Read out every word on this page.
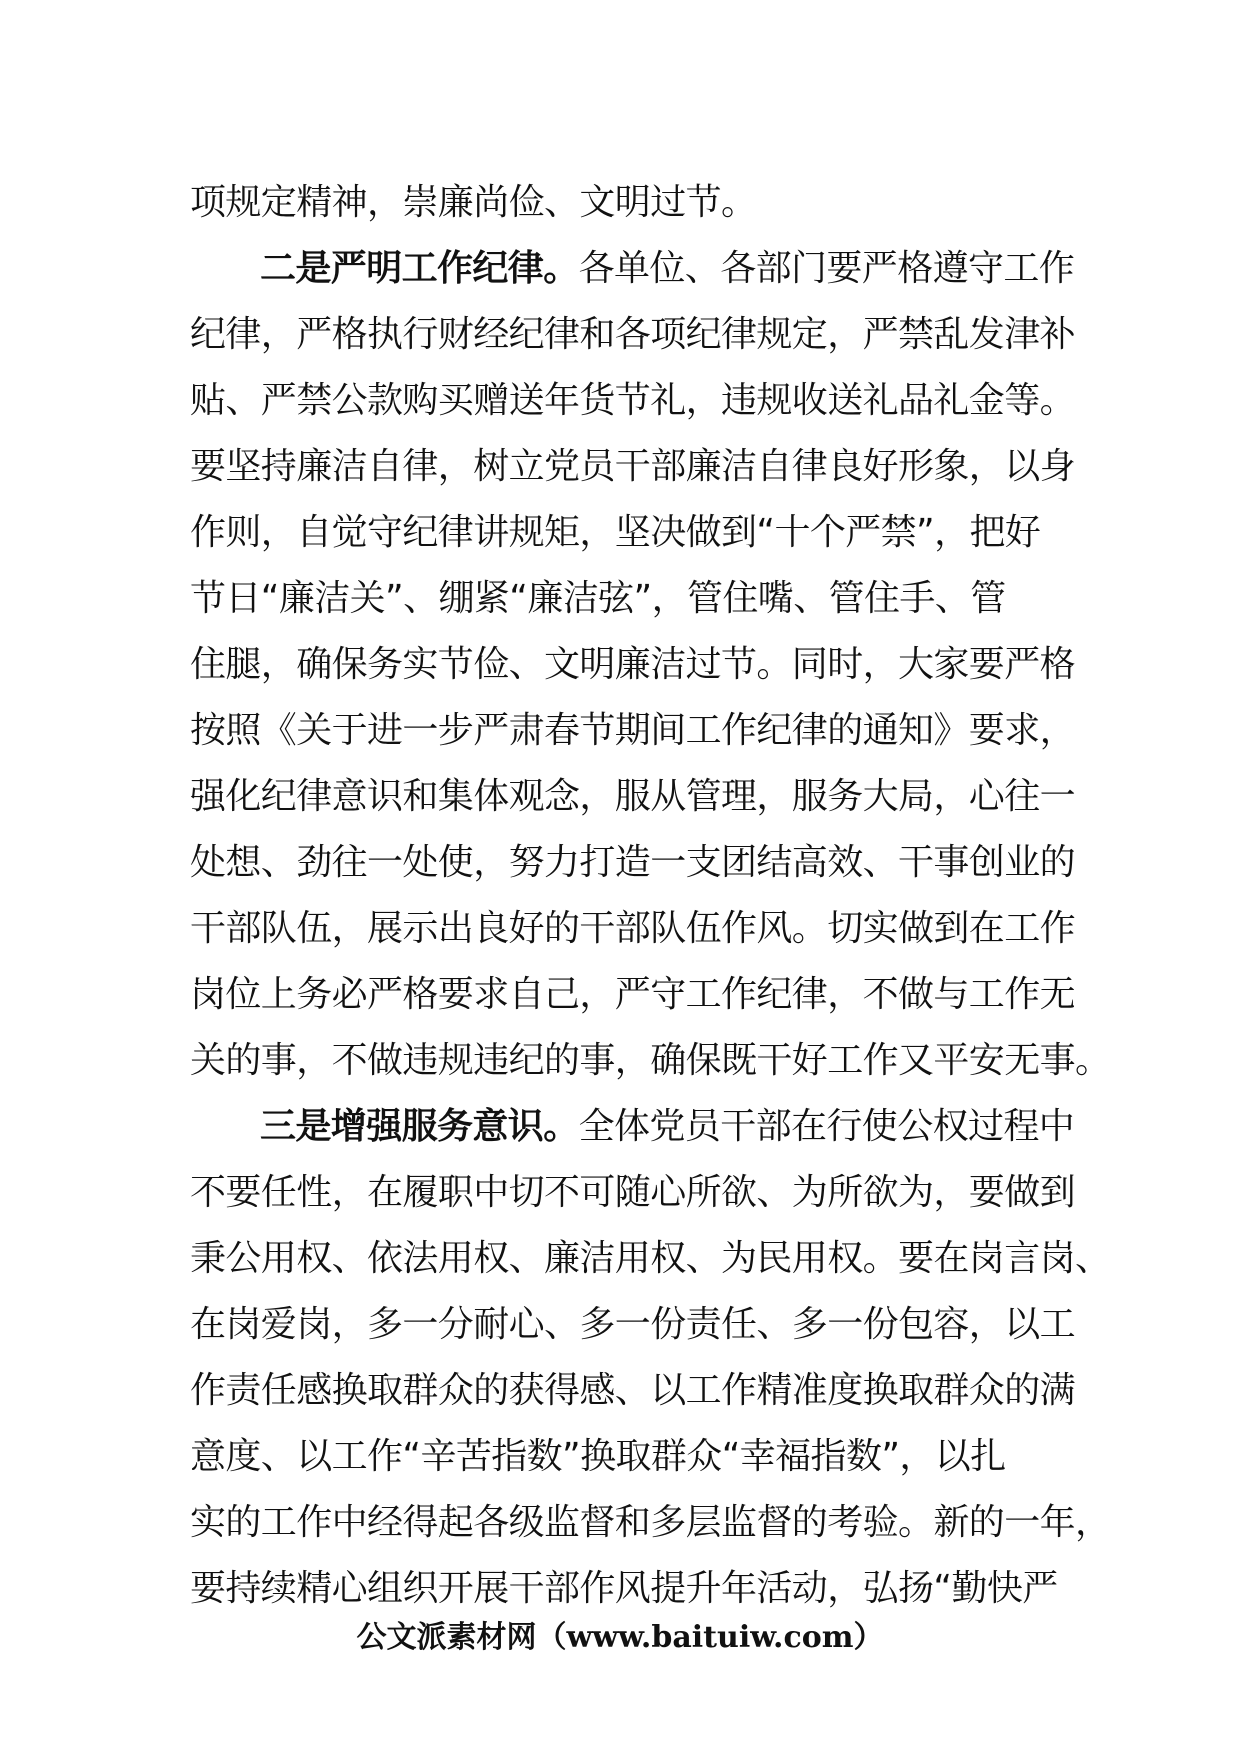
项规定精神，崇廉尚俭、文明过节。
二是严明工作纪律。各单位、各部门要严格遵守工作
纪律，严格执行财经纪律和各项纪律规定，严禁乱发津补
贴、严禁公款购买赠送年货节礼，违规收送礼品礼金等。
要坚持廉洁自律，树立党员干部廉洁自律良好形象，以身
作则，自觉守纪律讲规矩，坚决做到“十个严禁”，把好
节日“廉洁关”、绷紧“廉洁弦”，管住嘴、管住手、管
住腿，确保务实节俭、文明廉洁过节。同时，大家要严格
按照《关于进一步严肃春节期间工作纪律的通知》要求，
强化纪律意识和集体观念，服从管理，服务大局，心往一
处想、劲往一处使，努力打造一支团结高效、干事创业的
干部队伍，展示出良好的干部队伍作风。切实做到在工作
岗位上务必严格要求自己，严守工作纪律，不做与工作无
关的事，不做违规违纪的事，确保既干好工作又平安无事。
三是增强服务意识。全体党员干部在行使公权过程中
不要任性，在履职中切不可随心所欲、为所欲为，要做到
秉公用权、依法用权、廉洁用权、为民用权。要在岗言岗、
在岗爱岗，多一分耐心、多一份责任、多一份包容，以工
作责任感换取群众的获得感、以工作精准度换取群众的满
意度、以工作“辛苦指数”换取群众“幸福指数”，以扎
实的工作中经得起各级监督和多层监督的考验。新的一年，
要持续精心组织开展干部作风提升年活动，弘扬“勤快严
公文派素材网（www.baituiw.com）
